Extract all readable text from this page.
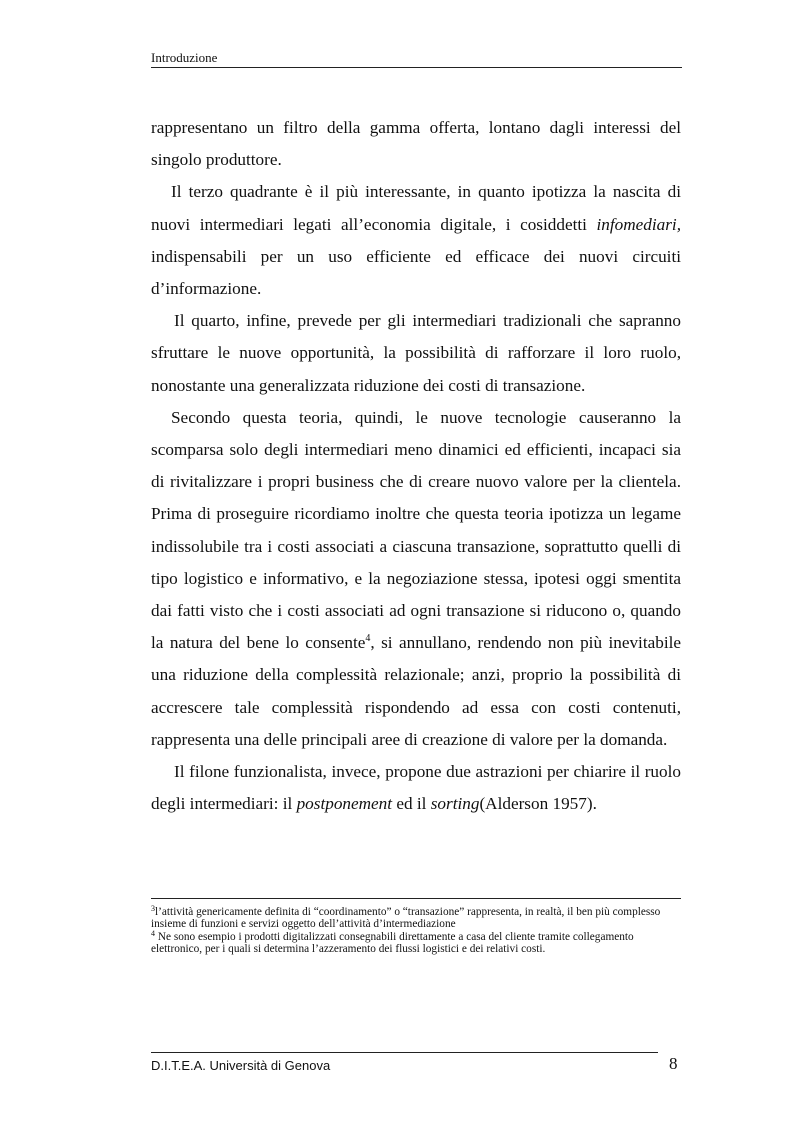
Introduzione

rappresentano un filtro della gamma offerta, lontano dagli interessi del singolo produttore.

Il terzo quadrante è il più interessante, in quanto ipotizza la nascita di nuovi intermediari legati all’economia digitale, i cosiddetti infomediari, indispensabili per un uso efficiente ed efficace dei nuovi circuiti d’informazione.

Il quarto, infine, prevede per gli intermediari tradizionali che sapranno sfruttare le nuove opportunità, la possibilità di rafforzare il loro ruolo, nonostante una generalizzata riduzione dei costi di transazione.

Secondo questa teoria, quindi, le nuove tecnologie causeranno la scomparsa solo degli intermediari meno dinamici ed efficienti, incapaci sia di rivitalizzare i propri business che di creare nuovo valore per la clientela. Prima di proseguire ricordiamo inoltre che questa teoria ipotizza un legame indissolubile tra i costi associati a ciascuna transazione, soprattutto quelli di tipo logistico e informativo, e la negoziazione stessa, ipotesi oggi smentita dai fatti visto che i costi associati ad ogni transazione si riducono o, quando la natura del bene lo consente$^4$, si annullano, rendendo non più inevitabile una riduzione della complessità relazionale; anzi, proprio la possibilità di accrescere tale complessità rispondendo ad essa con costi contenuti, rappresenta una delle principali aree di creazione di valore per la domanda.

Il filone funzionalista, invece, propone due astrazioni per chiarire il ruolo degli intermediari: il postponement ed il sorting(Alderson 1957).

$^3$l’attività genericamente definita di “coordinamento” o “transazione” rappresenta, in realtà, il ben più complesso insieme di funzioni e servizi oggetto dell’attività d’intermediazione

$^4$ Ne sono esempio i prodotti digitalizzati consegnabili direttamente a casa del cliente tramite collegamento elettronico, per i quali si determina l’azzeramento dei flussi logistici e dei relativi costi.

D.I.T.E.A. Università di Genova	8
